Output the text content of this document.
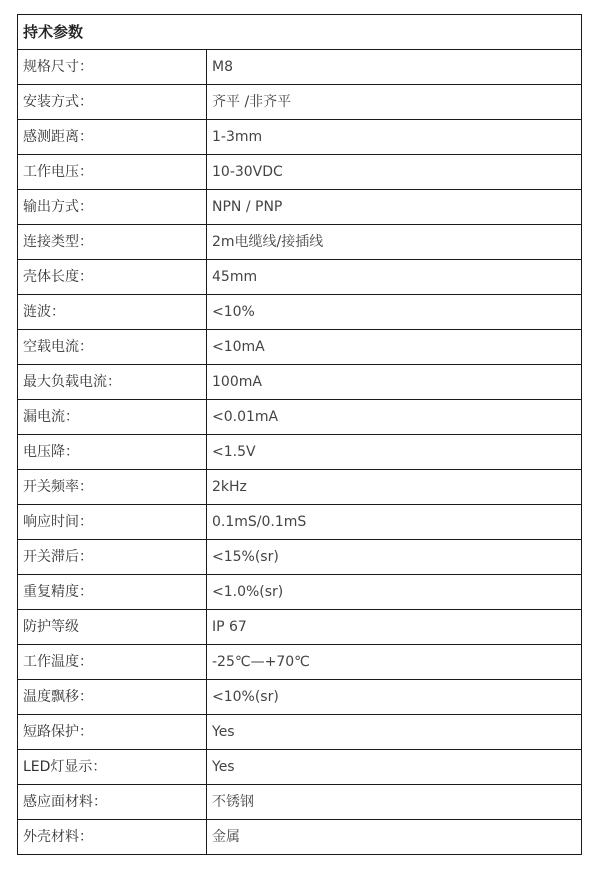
持术参数	
规格尺寸：	M8
安装方式：	齐平 /非齐平
感测距离：	1-3mm
工作电压：	10-30VDC
输出方式：	NPN / PNP
连接类型：	2m电缆线/接插线
壳体长度：	45mm
涟波：	<10%
空载电流：	<10mA
最大负载电流：	100mA
漏电流：	<0.01mA
电压降：	<1.5V
开关频率：	2kHz
响应时间：	0.1mS/0.1mS
开关滞后：	<15%(sr)
重复精度：	<1.0%(sr)
防护等级	IP 67
工作温度：	-25℃—+70℃
温度飘移：	<10%(sr)
短路保护：	Yes
LED灯显示：	Yes
感应面材料：	不锈钢
外壳材料：	金属
